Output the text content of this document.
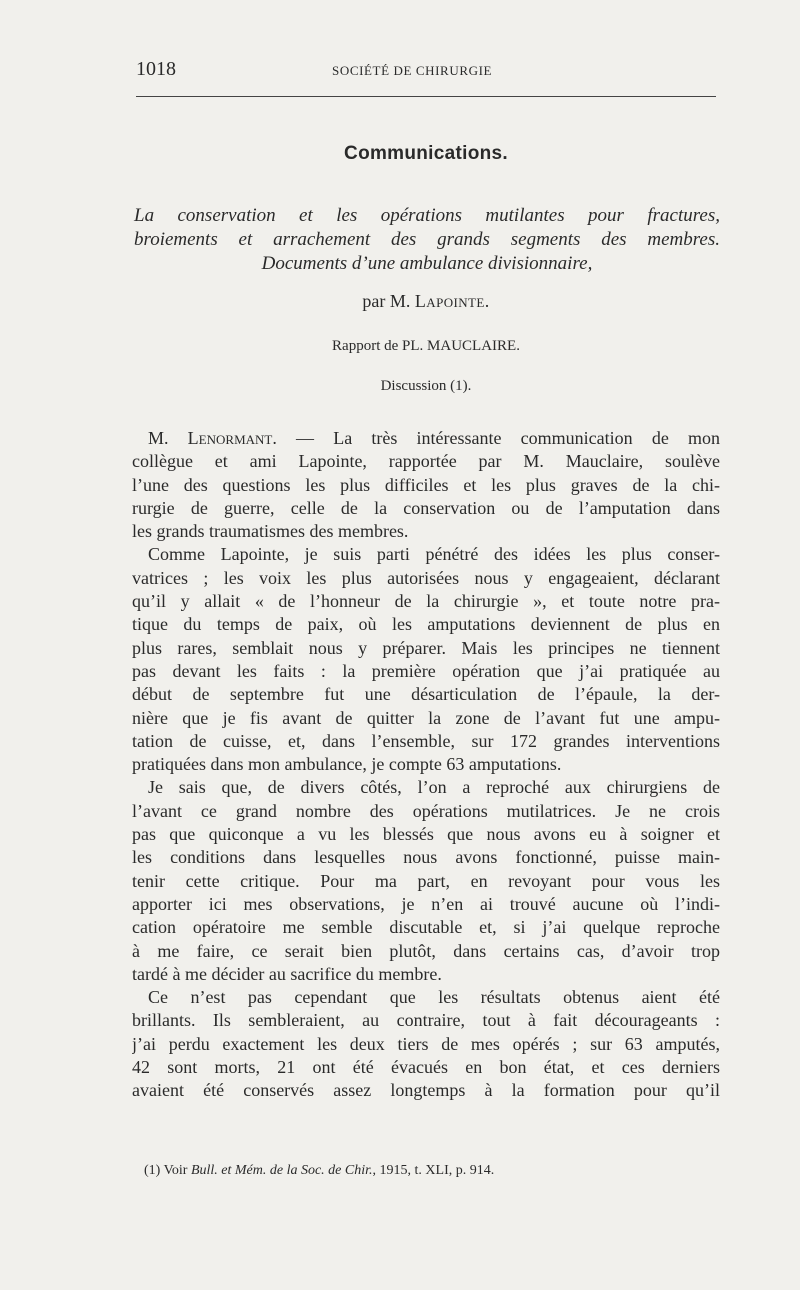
1018	SOCIÉTÉ DE CHIRURGIE
Communications.
La conservation et les opérations mutilantes pour fractures,
broiements et arrachement des grands segments des membres.
Documents d’une ambulance divisionnaire,
par M. Lapointe.
Rapport de PL. MAUCLAIRE.
Discussion (1).
M. Lenormant. — La très intéressante communication de mon
collègue et ami Lapointe, rapportée par M. Mauclaire, soulève
l’une des questions les plus difficiles et les plus graves de la chi-
rurgie de guerre, celle de la conservation ou de l’amputation dans
les grands traumatismes des membres.
Comme Lapointe, je suis parti pénétré des idées les plus conser-
vatrices ; les voix les plus autorisées nous y engageaient, déclarant
qu’il y allait « de l’honneur de la chirurgie », et toute notre pra-
tique du temps de paix, où les amputations deviennent de plus en
plus rares, semblait nous y préparer. Mais les principes ne tiennent
pas devant les faits : la première opération que j’ai pratiquée au
début de septembre fut une désarticulation de l’épaule, la der-
nière que je fis avant de quitter la zone de l’avant fut une ampu-
tation de cuisse, et, dans l’ensemble, sur 172 grandes interventions
pratiquées dans mon ambulance, je compte 63 amputations.
Je sais que, de divers côtés, l’on a reproché aux chirurgiens de
l’avant ce grand nombre des opérations mutilatrices. Je ne crois
pas que quiconque a vu les blessés que nous avons eu à soigner et
les conditions dans lesquelles nous avons fonctionné, puisse main-
tenir cette critique. Pour ma part, en revoyant pour vous les
apporter ici mes observations, je n’en ai trouvé aucune où l’indi-
cation opératoire me semble discutable et, si j’ai quelque reproche
à me faire, ce serait bien plutôt, dans certains cas, d’avoir trop
tardé à me décider au sacrifice du membre.
Ce n’est pas cependant que les résultats obtenus aient été
brillants. Ils sembleraient, au contraire, tout à fait décourageants :
j’ai perdu exactement les deux tiers de mes opérés ; sur 63 amputés,
42 sont morts, 21 ont été évacués en bon état, et ces derniers
avaient été conservés assez longtemps à la formation pour qu’il
(1) Voir Bull. et Mém. de la Soc. de Chir., 1915, t. XLI, p. 914.
